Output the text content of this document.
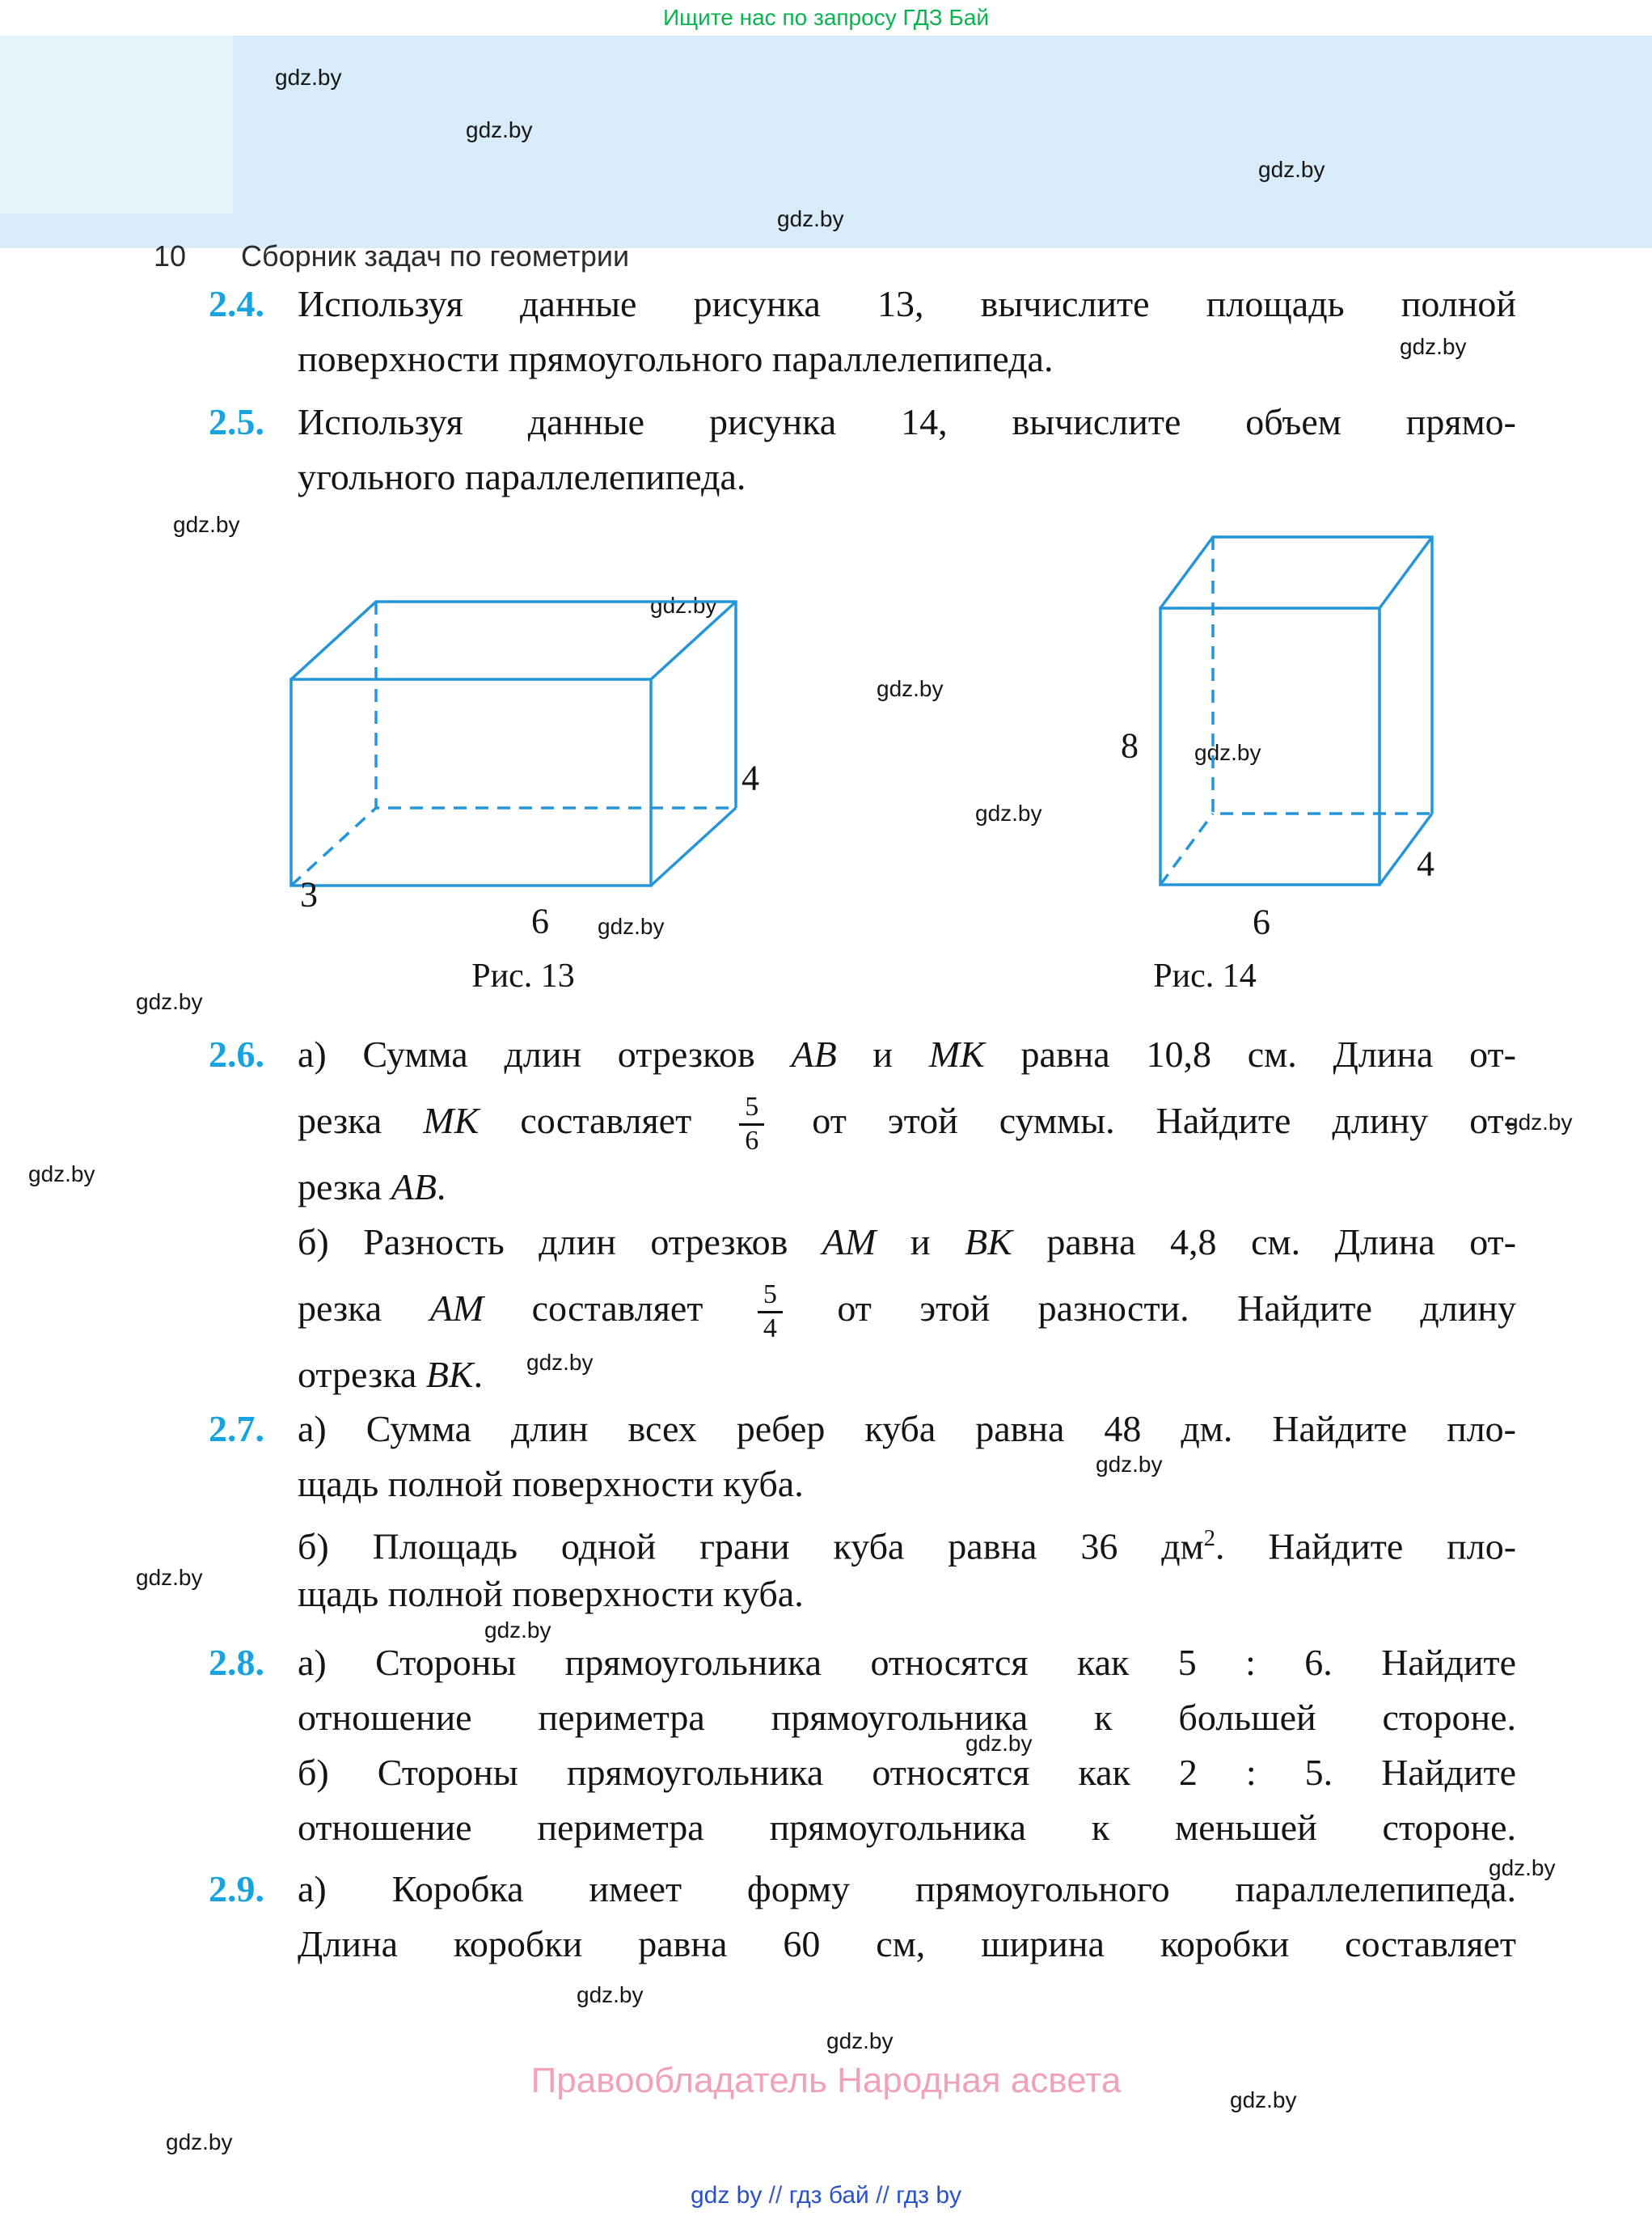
Ищите нас по запросу ГДЗ Бай
10 Сборник задач по геометрии
gdz.by
gdz.by
gdz.by
gdz.by
gdz.by
gdz.by
gdz.by
gdz.by
gdz.by
gdz.by
gdz.by
gdz.by
gdz.by
gdz.by
gdz.by
gdz.by
gdz.by
gdz.by
gdz.by
gdz.by
gdz.by
gdz.by
gdz.by
gdz.by
2.4. Используя данные рисунка 13, вычислите площадь полной
поверхности прямоугольного параллелепипеда.
2.5. Используя данные рисунка 14, вычислите объем прямо-
угольного параллелепипеда.
2.6. а) Сумма длин отрезков AB и MK равна 10,8 см. Длина от-
резка MK составляет $\frac{5}{6}$ от этой суммы. Найдите длину от-
резка AB.
б) Разность длин отрезков AM и BK равна 4,8 см. Длина от-
резка AM составляет $\frac{5}{4}$ от этой разности. Найдите длину
отрезка BK.
2.7. а) Сумма длин всех ребер куба равна 48 дм. Найдите пло-
щадь полной поверхности куба.
б) Площадь одной грани куба равна 36 $дм^2$. Найдите пло-
щадь полной поверхности куба.
2.8. а) Стороны прямоугольника относятся как 5 : 6. Найдите
отношение периметра прямоугольника к большей стороне.
б) Стороны прямоугольника относятся как 2 : 5. Найдите
отношение периметра прямоугольника к меньшей стороне.
2.9. а) Коробка имеет форму прямоугольного параллелепипеда.
Длина коробки равна 60 см, ширина коробки составляет
4
3
6
Рис. 13
8
4
6
Рис. 14
Правообладатель Народная асвета
gdz by // гдз бай // гдз by
